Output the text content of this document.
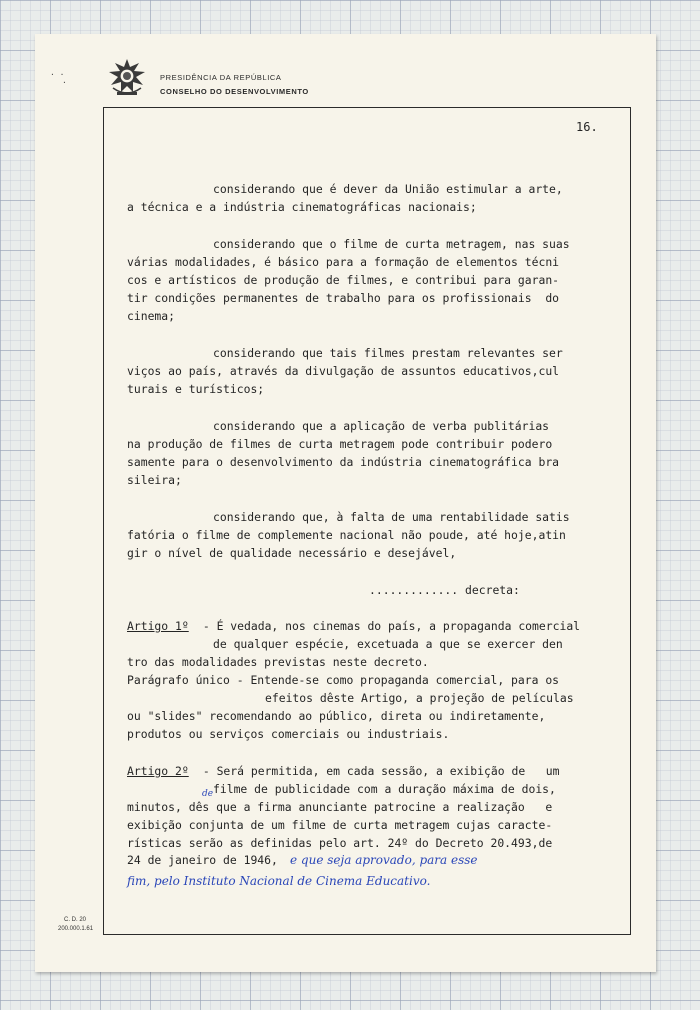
PRESIDÊNCIA DA REPÚBLICA
CONSELHO DO DESENVOLVIMENTO
· ·
·
16.
considerando que é dever da União estimular a arte,
a técnica e a indústria cinematográficas nacionais;
considerando que o filme de curta metragem, nas suas
várias modalidades, é básico para a formação de elementos técni
cos e artísticos de produção de filmes, e contribui para garan-
tir condições permanentes de trabalho para os profissionais  do
cinema;
considerando que tais filmes prestam relevantes ser
viços ao país, através da divulgação de assuntos educativos,cul
turais e turísticos;
considerando que a aplicação de verba publitárias
na produção de filmes de curta metragem pode contribuir podero
samente para o desenvolvimento da indústria cinematográfica bra
sileira;
considerando que, à falta de uma rentabilidade satis
fatória o filme de complemente nacional não poude, até hoje,atin
gir o nível de qualidade necessário e desejável,
............. decreta:
Artigo 1º - É vedada, nos cinemas do país, a propaganda comercial
de qualquer espécie, excetuada a que se exercer den
tro das modalidades previstas neste decreto.
Parágrafo único - Entende-se como propaganda comercial, para os
efeitos dêste Artigo, a projeção de películas
ou "slides" recomendando ao público, direta ou indiretamente,
produtos ou serviços comerciais ou industriais.
Artigo 2º - Será permitida, em cada sessão, a exibição de   um
filme de publicidade com a duração máxima de dois,
minutos, dês que a firma anunciante patrocine a realização   e
exibição conjunta de um filme de curta metragem cujas caracte-
rísticas serão as definidas pelo art. 24º do Decreto 20.493,de
24 de janeiro de 1946,
de
e que seja aprovado, para esse
fim, pelo Instituto Nacional de Cinema Educativo.
C. D. 20
200.000.1.61
